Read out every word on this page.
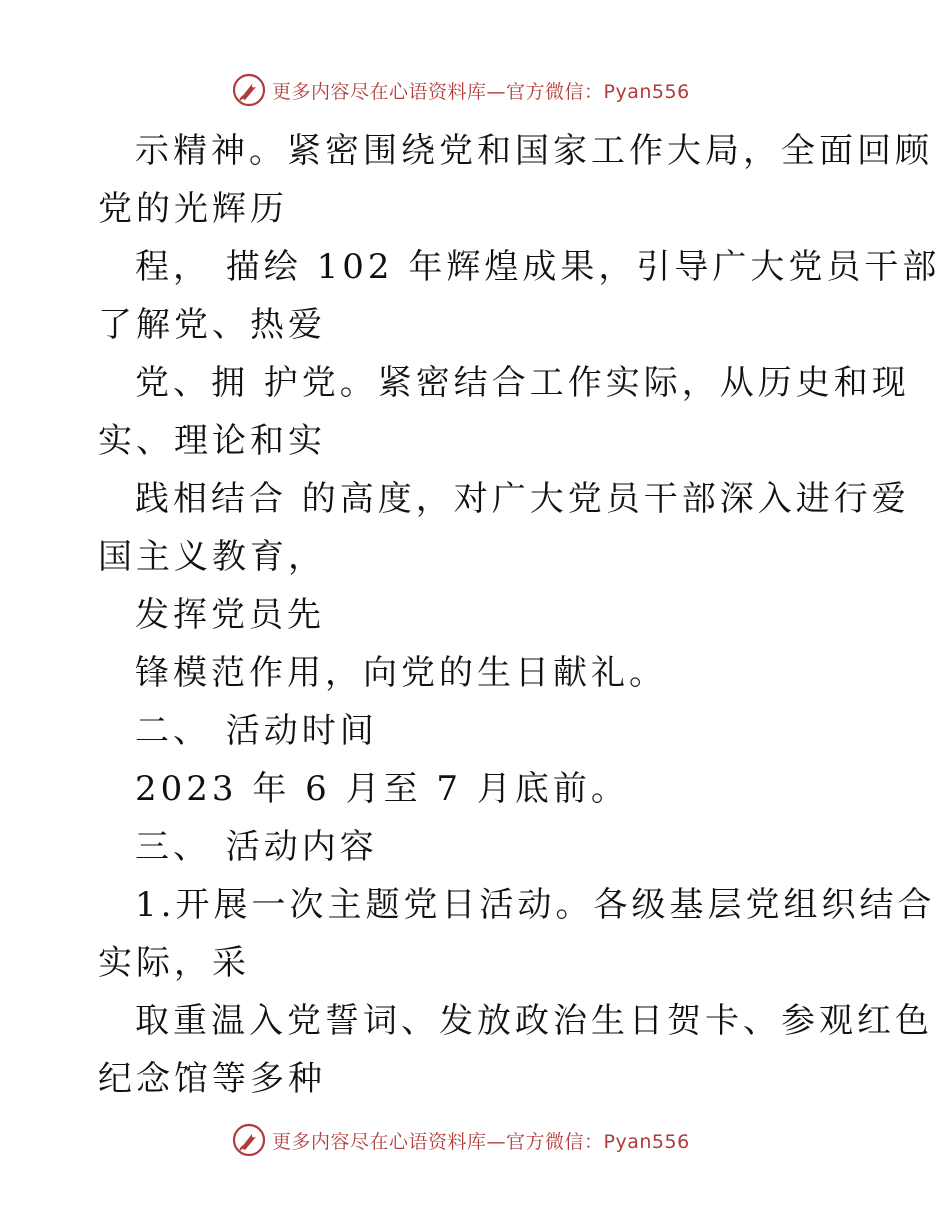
更多内容尽在心语资料库—官方微信：Pyan556
示精神。紧密围绕党和国家工作大局，全面回顾
党的光辉历
程， 描绘 102 年辉煌成果，引导广大党员干部
了解党、热爱
党、拥 护党。紧密结合工作实际，从历史和现
实、理论和实
践相结合 的高度，对广大党员干部深入进行爱
国主义教育，
发挥党员先
锋模范作用，向党的生日献礼。
二、 活动时间
2023 年 6 月至 7 月底前。
三、 活动内容
1.开展一次主题党日活动。各级基层党组织结合
实际，采
取重温入党誓词、发放政治生日贺卡、参观红色
纪念馆等多种
更多内容尽在心语资料库—官方微信：Pyan556
